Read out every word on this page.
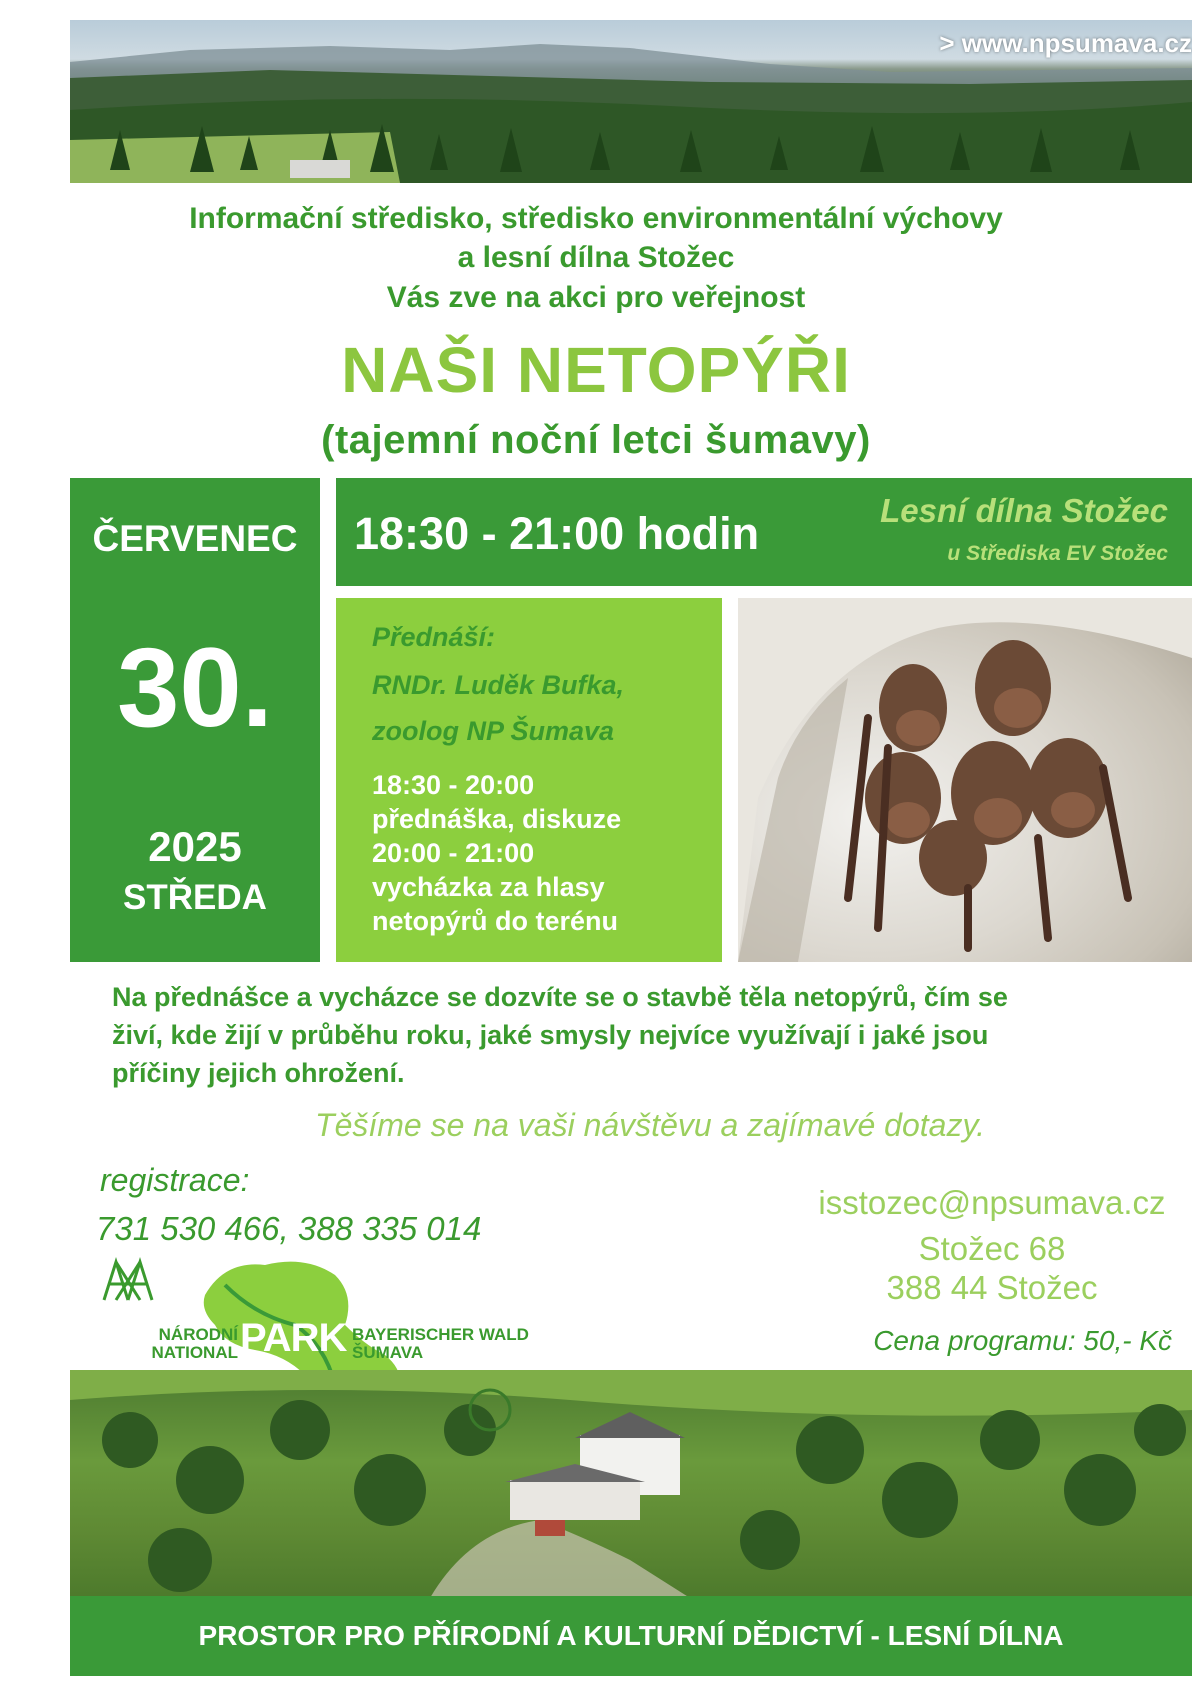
> www.npsumava.cz
Informační středisko, středisko environmentální výchovy
a lesní dílna Stožec
Vás zve na akci pro veřejnost
NAŠI NETOPÝŘI
(tajemní noční letci šumavy)
ČERVENEC
30.
2025
STŘEDA
18:30 - 21:00 hodin	Lesní dílna Stožec
u Střediska EV Stožec
Přednáší:
RNDr. Luděk Bufka,
zoolog NP Šumava
18:30 - 20:00
přednáška, diskuze
20:00 - 21:00
vycházka za hlasy
netopýrů do terénu
Na přednášce a vycházce se dozvíte se o stavbě těla netopýrů, čím se
živí, kde žijí v průběhu roku, jaké smysly nejvíce využívají i jaké jsou
příčiny jejich ohrožení.
Těšíme se na vaši návštěvu a zajímavé dotazy.
registrace:
731 530 466, 388 335 014
isstozec@npsumava.cz
Stožec 68
388 44 Stožec
Cena programu: 50,- Kč
NÁRODNÍ
NATIONAL PARK BAYERISCHER WALD
ŠUMAVA
PROSTOR PRO PŘÍRODNÍ A KULTURNÍ DĚDICTVÍ - LESNÍ DÍLNA
